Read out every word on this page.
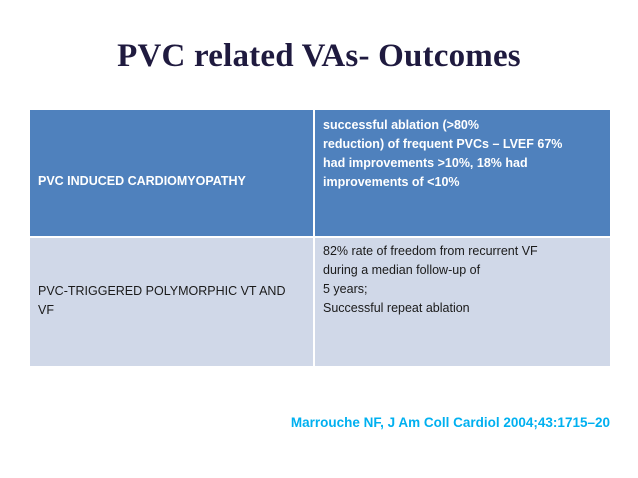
PVC related VAs- Outcomes
PVC INDUCED CARDIOMYOPATHY
successful ablation (>80%
reduction) of frequent PVCs – LVEF 67%
had improvements >10%, 18% had
improvements of <10%
PVC-TRIGGERED POLYMORPHIC VT AND
VF
82% rate of freedom from recurrent VF
during a median follow-up of
5 years;
Successful repeat ablation
Marrouche NF, J Am Coll Cardiol 2004;43:1715–20
